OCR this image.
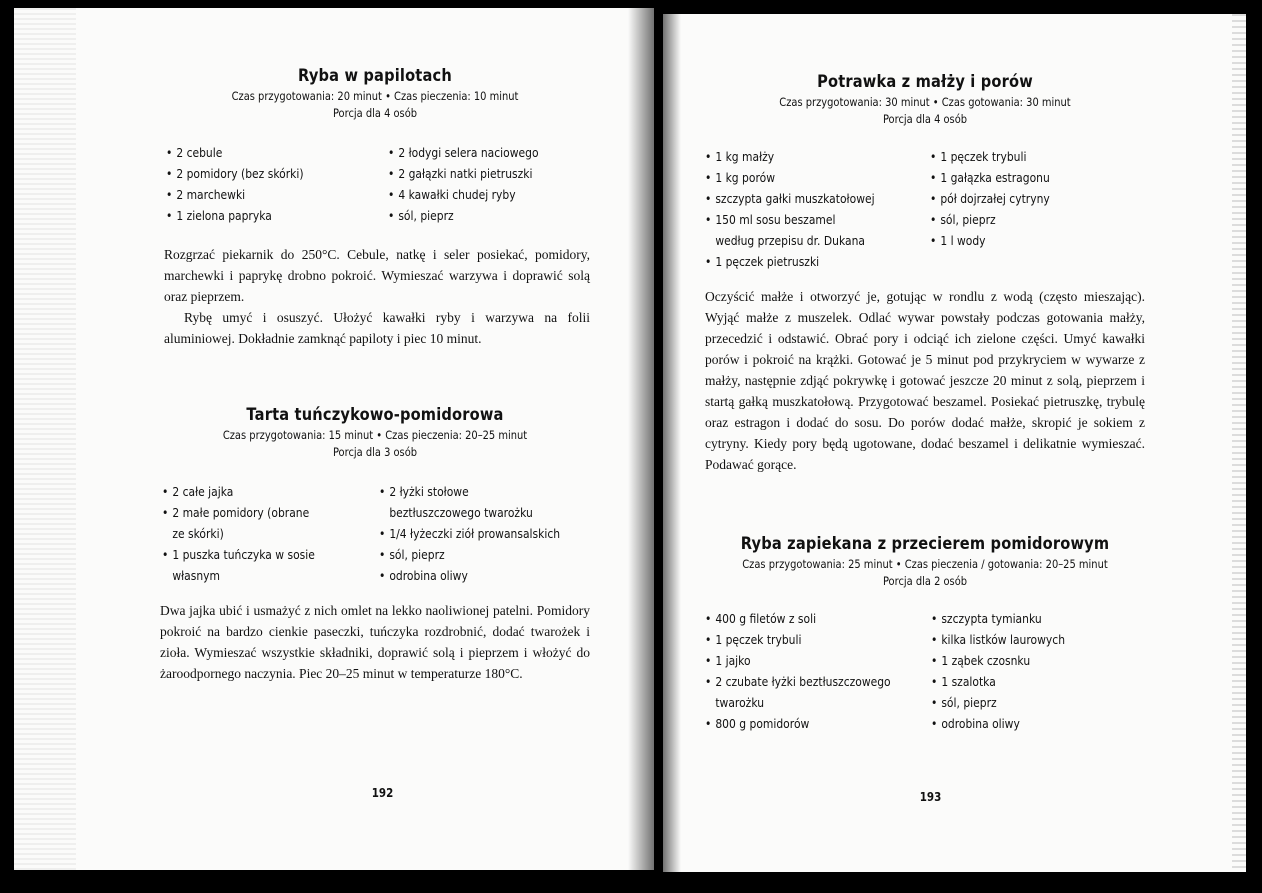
Ryba w papilotach
Czas przygotowania: 20 minut • Czas pieczenia: 10 minut
Porcja dla 4 osób
• 2 cebule
• 2 pomidory (bez skórki)
• 2 marchewki
• 1 zielona papryka
• 2 łodygi selera naciowego
• 2 gałązki natki pietruszki
• 4 kawałki chudej ryby
• sól, pieprz

Rozgrzać piekarnik do 250°C. Cebule, natkę i seler posiekać, pomidory, marchewki i paprykę drobno pokroić. Wymieszać warzywa i doprawić solą oraz pieprzem.

Rybę umyć i osuszyć. Ułożyć kawałki ryby i warzywa na folii aluminiowej. Dokładnie zamknąć papiloty i piec 10 minut.

Tarta tuńczykowo-pomidorowa
Czas przygotowania: 15 minut • Czas pieczenia: 20–25 minut
Porcja dla 3 osób
• 2 całe jajka
• 2 małe pomidory (obrane
ze skórki)
• 1 puszka tuńczyka w sosie
własnym
• 2 łyżki stołowe
beztłuszczowego twarożku
• 1/4 łyżeczki ziół prowansalskich
• sól, pieprz
• odrobina oliwy

Dwa jajka ubić i usmażyć z nich omlet na lekko naoliwionej patelni. Pomidory pokroić na bardzo cienkie paseczki, tuńczyka rozdrobnić, dodać twarożek i zioła. Wymieszać wszystkie składniki, doprawić solą i pieprzem i włożyć do żaroodpornego naczynia. Piec 20–25 minut w temperaturze 180°C.

192
Potrawka z małży i porów
Czas przygotowania: 30 minut • Czas gotowania: 30 minut
Porcja dla 4 osób
• 1 kg małży
• 1 kg porów
• szczypta gałki muszkatołowej
• 150 ml sosu beszamel
według przepisu dr. Dukana
• 1 pęczek pietruszki
• 1 pęczek trybuli
• 1 gałązka estragonu
• pół dojrzałej cytryny
• sól, pieprz
• 1 l wody

Oczyścić małże i otworzyć je, gotując w rondlu z wodą (często mieszając). Wyjąć małże z muszelek. Odlać wywar powstały podczas gotowania małży, przecedzić i odstawić. Obrać pory i odciąć ich zielone części. Umyć kawałki porów i pokroić na krążki. Gotować je 5 minut pod przykryciem w wywarze z małży, następnie zdjąć pokrywkę i gotować jeszcze 20 minut z solą, pieprzem i startą gałką muszkatołową. Przygotować beszamel. Posiekać pietruszkę, trybulę oraz estragon i dodać do sosu. Do porów dodać małże, skropić je sokiem z cytryny. Kiedy pory będą ugotowane, dodać beszamel i delikatnie wymieszać. Podawać gorące.

Ryba zapiekana z przecierem pomidorowym
Czas przygotowania: 25 minut • Czas pieczenia / gotowania: 20–25 minut
Porcja dla 2 osób
• 400 g filetów z soli
• 1 pęczek trybuli
• 1 jajko
• 2 czubate łyżki beztłuszczowego
twarożku
• 800 g pomidorów
• szczypta tymianku
• kilka listków laurowych
• 1 ząbek czosnku
• 1 szalotka
• sól, pieprz
• odrobina oliwy
193
